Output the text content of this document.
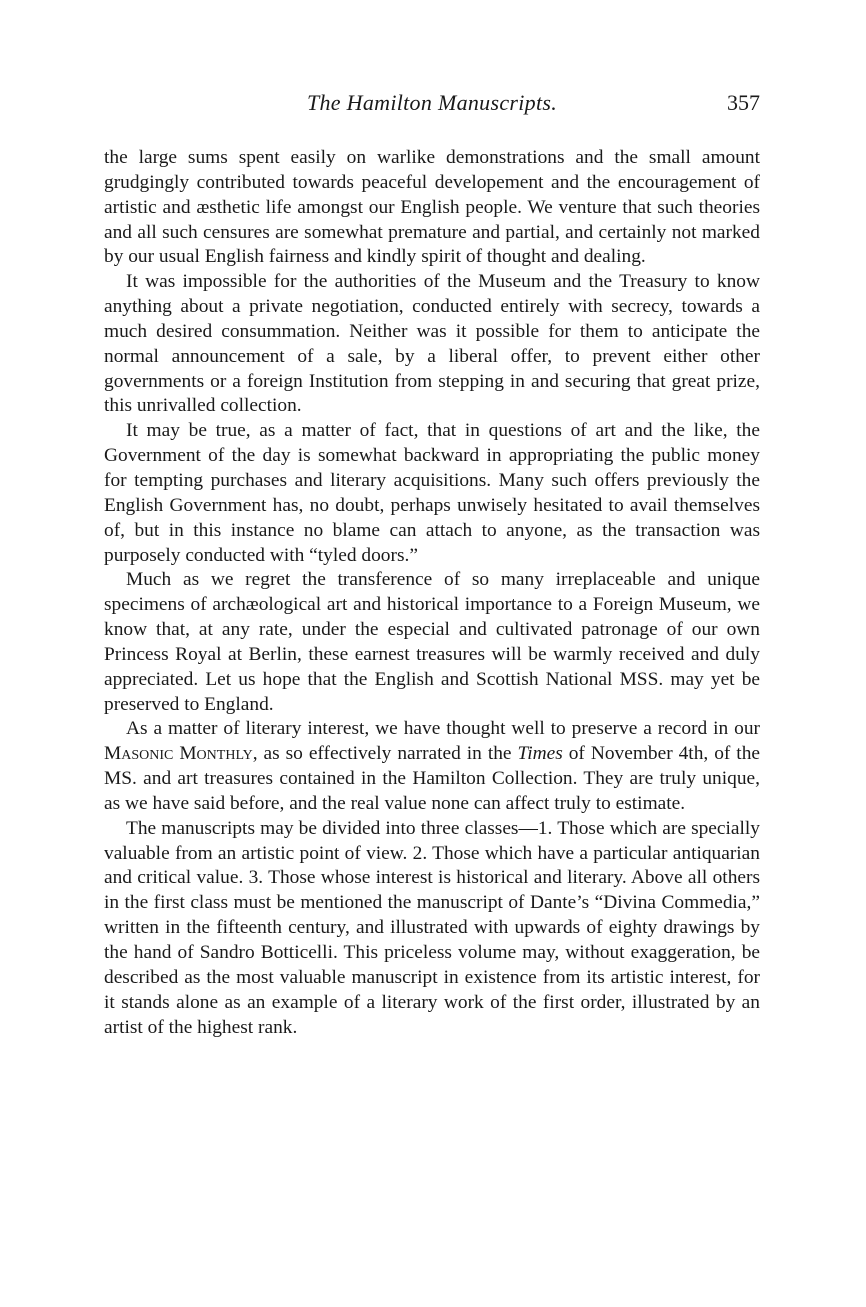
The Hamilton Manuscripts.	357

the large sums spent easily on warlike demonstrations and the small amount grudgingly contributed towards peaceful developement and the encouragement of artistic and æsthetic life amongst our English people. We venture that such theories and all such censures are somewhat premature and partial, and certainly not marked by our usual English fairness and kindly spirit of thought and dealing.

It was impossible for the authorities of the Museum and the Treasury to know anything about a private negotiation, conducted entirely with secrecy, towards a much desired consummation. Neither was it possible for them to anticipate the normal announcement of a sale, by a liberal offer, to prevent either other governments or a foreign Institution from stepping in and securing that great prize, this unrivalled collection.

It may be true, as a matter of fact, that in questions of art and the like, the Government of the day is somewhat backward in appropriating the public money for tempting purchases and literary acquisitions. Many such offers previously the English Government has, no doubt, perhaps unwisely hesitated to avail themselves of, but in this instance no blame can attach to anyone, as the transaction was purposely conducted with “tyled doors.”

Much as we regret the transference of so many irreplaceable and unique specimens of archæological art and historical importance to a Foreign Museum, we know that, at any rate, under the especial and cultivated patronage of our own Princess Royal at Berlin, these earnest treasures will be warmly received and duly appreciated. Let us hope that the English and Scottish National MSS. may yet be preserved to England.

As a matter of literary interest, we have thought well to preserve a record in our Masonic Monthly, as so effectively narrated in the Times of November 4th, of the MS. and art treasures contained in the Hamilton Collection. They are truly unique, as we have said before, and the real value none can affect truly to estimate.

The manuscripts may be divided into three classes—1. Those which are specially valuable from an artistic point of view. 2. Those which have a particular antiquarian and critical value. 3. Those whose interest is historical and literary. Above all others in the first class must be mentioned the manuscript of Dante’s “Divina Commedia,” written in the fifteenth century, and illustrated with upwards of eighty drawings by the hand of Sandro Botticelli. This priceless volume may, without exaggeration, be described as the most valuable manuscript in existence from its artistic interest, for it stands alone as an example of a literary work of the first order, illustrated by an artist of the highest rank.
